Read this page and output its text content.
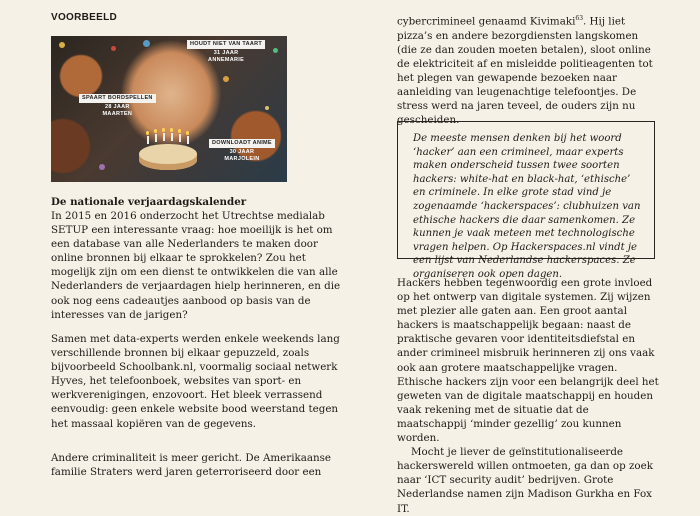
VOORBEELD
HOUDT NIET VAN TAART
31 JAAR
ANNEMARIE
SPAART BORDSPELLEN
28 JAAR
MAARTEN
DOWNLOADT ANIME
30 JAAR
MARJOLEIN
De nationale verjaardagskalender

In 2015 en 2016 onderzocht het Utrechtse medialab SETUP een interessante vraag: hoe moeilijk is het om een database van alle Nederlanders te maken door online bronnen bij elkaar te sprokkelen? Zou het mogelijk zijn om een dienst te ontwikkelen die van alle Nederlanders de verjaardagen hielp herinneren, en die ook nog eens cadeautjes aanbood op basis van de interesses van de jarigen?

Samen met data-experts werden enkele weekends lang verschillende bronnen bij elkaar gepuzzeld, zoals bijvoorbeeld Schoolbank.nl, voormalig sociaal netwerk Hyves, het telefoonboek, websites van sport- en werkverenigingen, enzovoort. Het bleek verrassend eenvoudig: geen enkele website bood weerstand tegen het massaal kopiëren van de gegevens.

Andere criminaliteit is meer gericht. De Amerikaanse familie Straters werd jaren geterroriseerd door een

cybercrimineel genaamd Kivimaki$^{63}$. Hij liet pizza’s en andere bezorgdiensten langskomen (die ze dan zouden moeten betalen), sloot online de elektriciteit af en misleidde politieagenten tot het plegen van gewapende bezoeken naar aanleiding van leugenachtige telefoontjes. De stress werd na jaren teveel, de ouders zijn nu gescheiden.

De meeste mensen denken bij het woord ‘hacker’ aan een crimineel, maar experts maken onderscheid tussen twee soorten hackers: white-hat en black-hat, ‘ethische’ en criminele. In elke grote stad vind je zogenaamde ‘hackerspaces’: clubhuizen van ethische hackers die daar samenkomen. Ze kunnen je vaak meteen met technologische vragen helpen. Op Hackerspaces.nl vindt je een lijst van Nederlandse hackerspaces. Ze organiseren ook open dagen.

Hackers hebben tegenwoordig een grote invloed op het ontwerp van digitale systemen. Zij wijzen met plezier alle gaten aan. Een groot aantal hackers is maatschappelijk begaan: naast de praktische gevaren voor identiteitsdiefstal en ander crimineel misbruik herinneren zij ons vaak ook aan grotere maatschappelijke vragen. Ethische hackers zijn voor een belangrijk deel het geweten van de digitale maatschappij en houden vaak rekening met de situatie dat de maatschappij ‘minder gezellig’ zou kunnen worden.
Mocht je liever de geïnstitutionaliseerde hackerswereld willen ontmoeten, ga dan op zoek naar ‘ICT security audit’ bedrijven. Grote Nederlandse namen zijn Madison Gurkha en Fox IT.
